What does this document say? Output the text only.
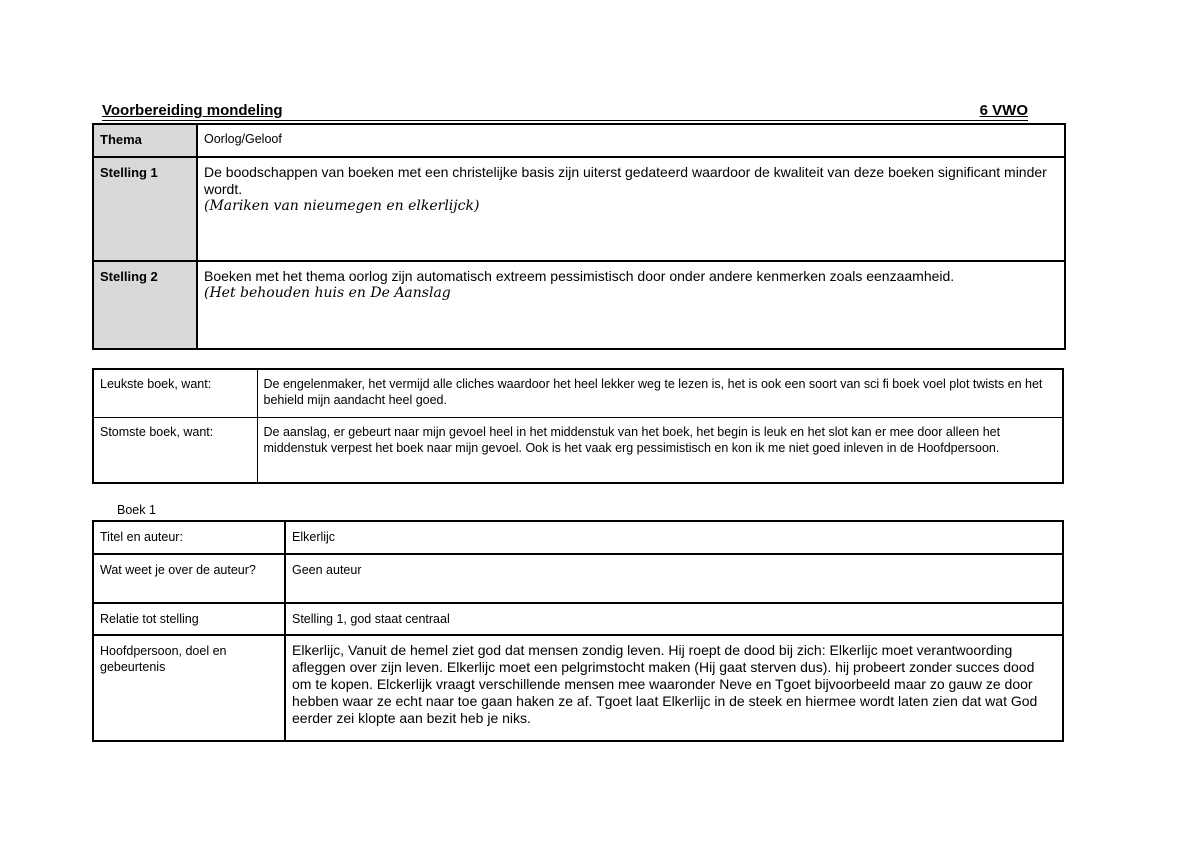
Voorbereiding mondeling	6 VWO
Thema	Oorlog/Geloof
Stelling 1	De boodschappen van boeken met een christelijke basis zijn uiterst gedateerd waardoor de kwaliteit van deze boeken significant minder wordt.
(Mariken van nieumegen en elkerlijck)

Stelling 2	Boeken met het thema oorlog zijn automatisch extreem pessimistisch door onder andere kenmerken zoals eenzaamheid.
(Het behouden huis en De Aanslag
Leukste boek, want:	De engelenmaker, het vermijd alle cliches waardoor het heel lekker weg te lezen is, het is ook een soort van sci fi boek voel plot twists en het behield mijn aandacht heel goed.
Stomste boek, want:	De aanslag, er gebeurt naar mijn gevoel heel in het middenstuk van het boek, het begin is leuk en het slot kan er mee door alleen het middenstuk verpest het boek naar mijn gevoel. Ook is het vaak erg pessimistisch en kon ik me niet goed inleven in de Hoofdpersoon.
Boek 1
Titel en auteur:	Elkerlijc
Wat weet je over de auteur?	Geen auteur
Relatie tot stelling	Stelling 1, god staat centraal
Hoofdpersoon, doel en gebeurtenis	Elkerlijc, Vanuit de hemel ziet god dat mensen zondig leven. Hij roept de dood bij zich: Elkerlijc moet verantwoording afleggen over zijn leven. Elkerlijc moet een pelgrimstocht maken (Hij gaat sterven dus). hij probeert zonder succes dood om te kopen. Elckerlijk vraagt verschillende mensen mee waaronder Neve en Tgoet bijvoorbeeld maar zo gauw ze door hebben waar ze echt naar toe gaan haken ze af. Tgoet laat Elkerlijc in de steek en hiermee wordt laten zien dat wat God eerder zei klopte aan bezit heb je niks.
